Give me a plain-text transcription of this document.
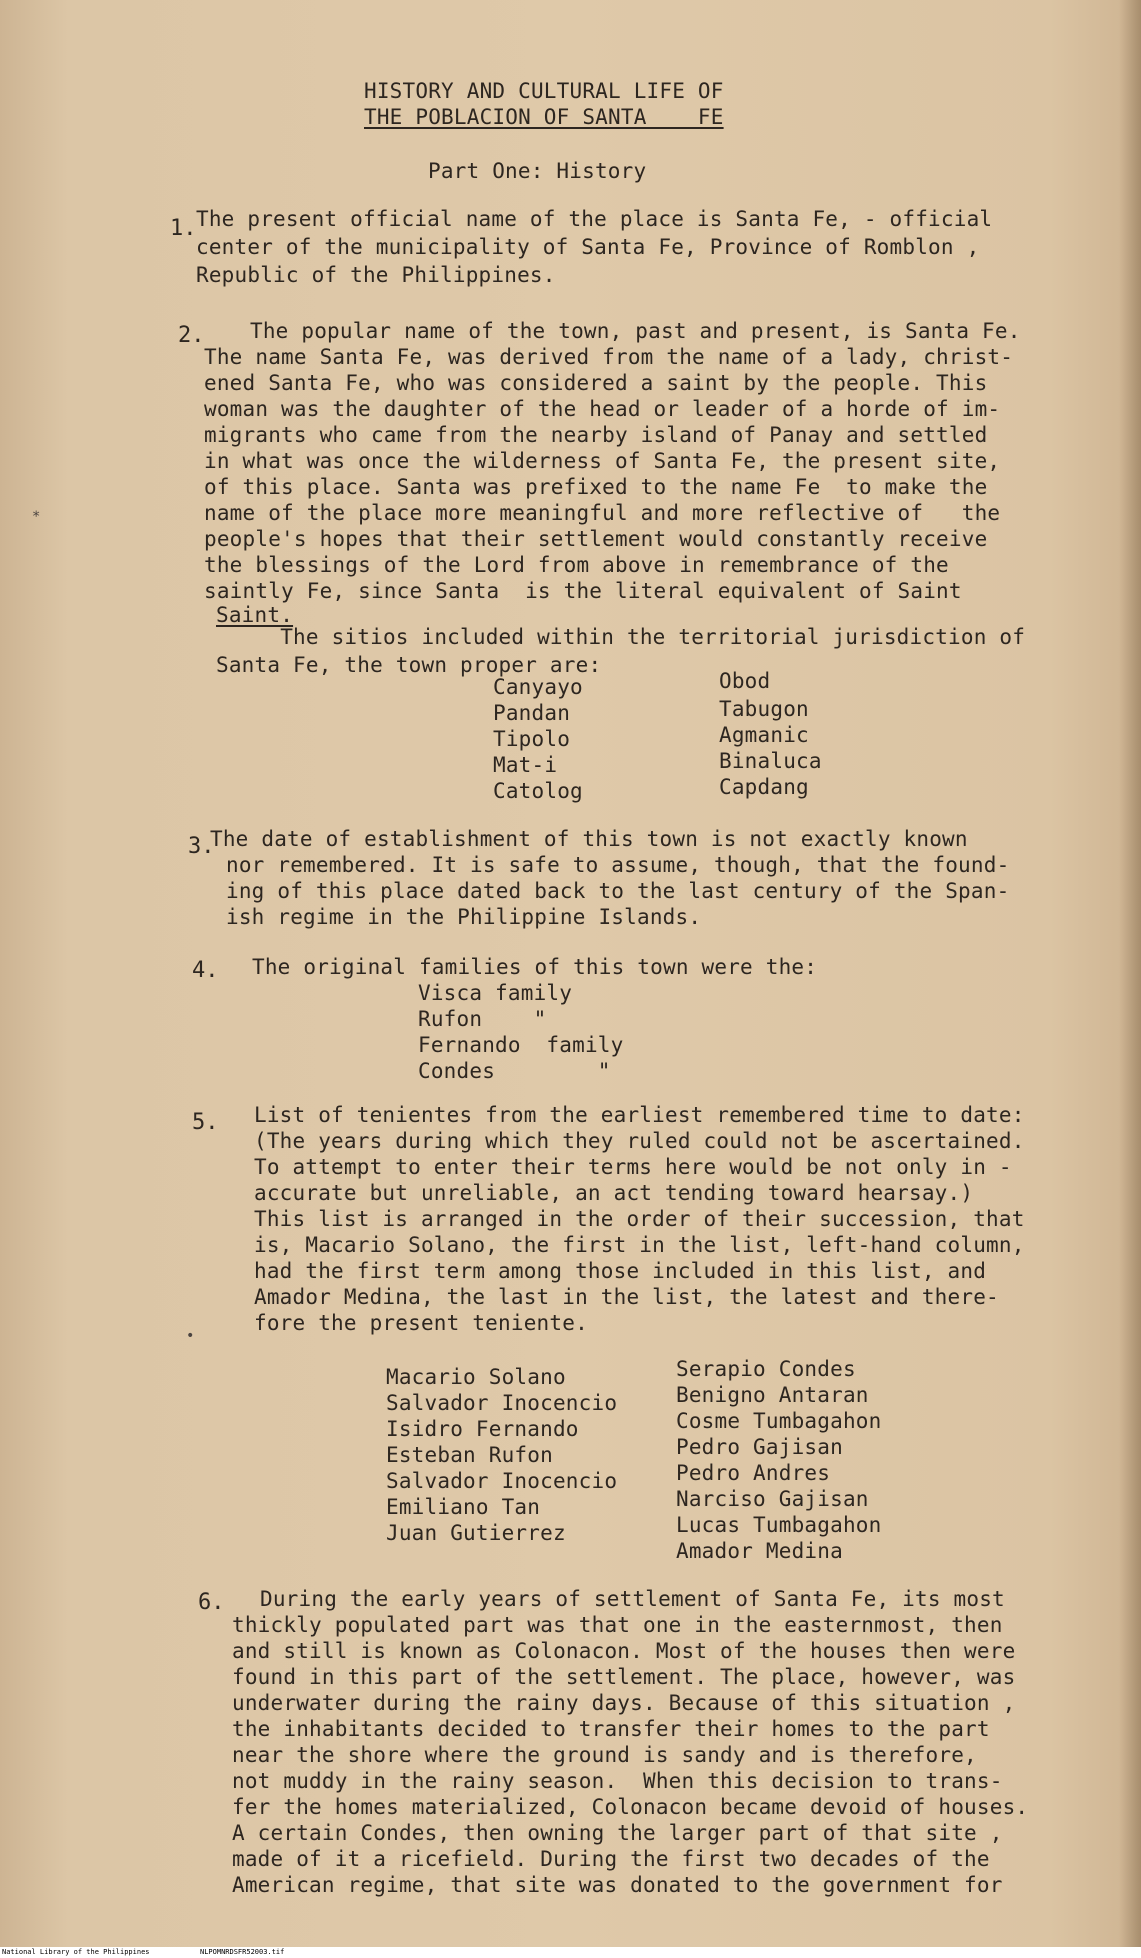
HISTORY AND CULTURAL LIFE OF

THE POBLACION OF SANTA    FE

Part One: History

1. The present official name of the place is Santa Fe, - official

center of the municipality of Santa Fe, Province of Romblon ,

Republic of the Philippines.

2. The popular name of the town, past and present, is Santa Fe.

The name Santa Fe, was derived from the name of a lady, christ-

ened Santa Fe, who was considered a saint by the people. This

woman was the daughter of the head or leader of a horde of im-

migrants who came from the nearby island of Panay and settled

in what was once the wilderness of Santa Fe, the present site,

of this place. Santa was prefixed to the name Fe  to make the

name of the place more meaningful and more reflective of   the

people's hopes that their settlement would constantly receive

the blessings of the Lord from above in remembrance of the

saintly Fe, since Santa  is the literal equivalent of Saint

Saint.

The sitios included within the territorial jurisdiction of

Santa Fe, the town proper are:

Canyayo

Pandan

Tipolo

Mat-i

Catolog

Obod

Tabugon

Agmanic

Binaluca

Capdang

3.

The date of establishment of this town is not exactly known

nor remembered. It is safe to assume, though, that the found-

ing of this place dated back to the last century of the Span-

ish regime in the Philippine Islands.

4. The original families of this town were the:

Visca family

Rufon    "

Fernando  family

Condes        "

5. List of tenientes from the earliest remembered time to date:

(The years during which they ruled could not be ascertained.

To attempt to enter their terms here would be not only in -

accurate but unreliable, an act tending toward hearsay.)

This list is arranged in the order of their succession, that

is, Macario Solano, the first in the list, left-hand column,

had the first term among those included in this list, and

Amador Medina, the last in the list, the latest and there-

fore the present teniente.

Macario Solano

Salvador Inocencio

Isidro Fernando

Esteban Rufon

Salvador Inocencio

Emiliano Tan

Juan Gutierrez

Serapio Condes

Benigno Antaran

Cosme Tumbagahon

Pedro Gajisan

Pedro Andres

Narciso Gajisan

Lucas Tumbagahon

Amador Medina

6. During the early years of settlement of Santa Fe, its most

thickly populated part was that one in the easternmost, then

and still is known as Colonacon. Most of the houses then were

found in this part of the settlement. The place, however, was

underwater during the rainy days. Because of this situation ,

the inhabitants decided to transfer their homes to the part

near the shore where the ground is sandy and is therefore,

not muddy in the rainy season.  When this decision to trans-

fer the homes materialized, Colonacon became devoid of houses.

A certain Condes, then owning the larger part of that site ,

made of it a ricefield. During the first two decades of the

American regime, that site was donated to the government for

∗
•
National Library of the Philippines	NLPOMNRDSFR52003.tif
